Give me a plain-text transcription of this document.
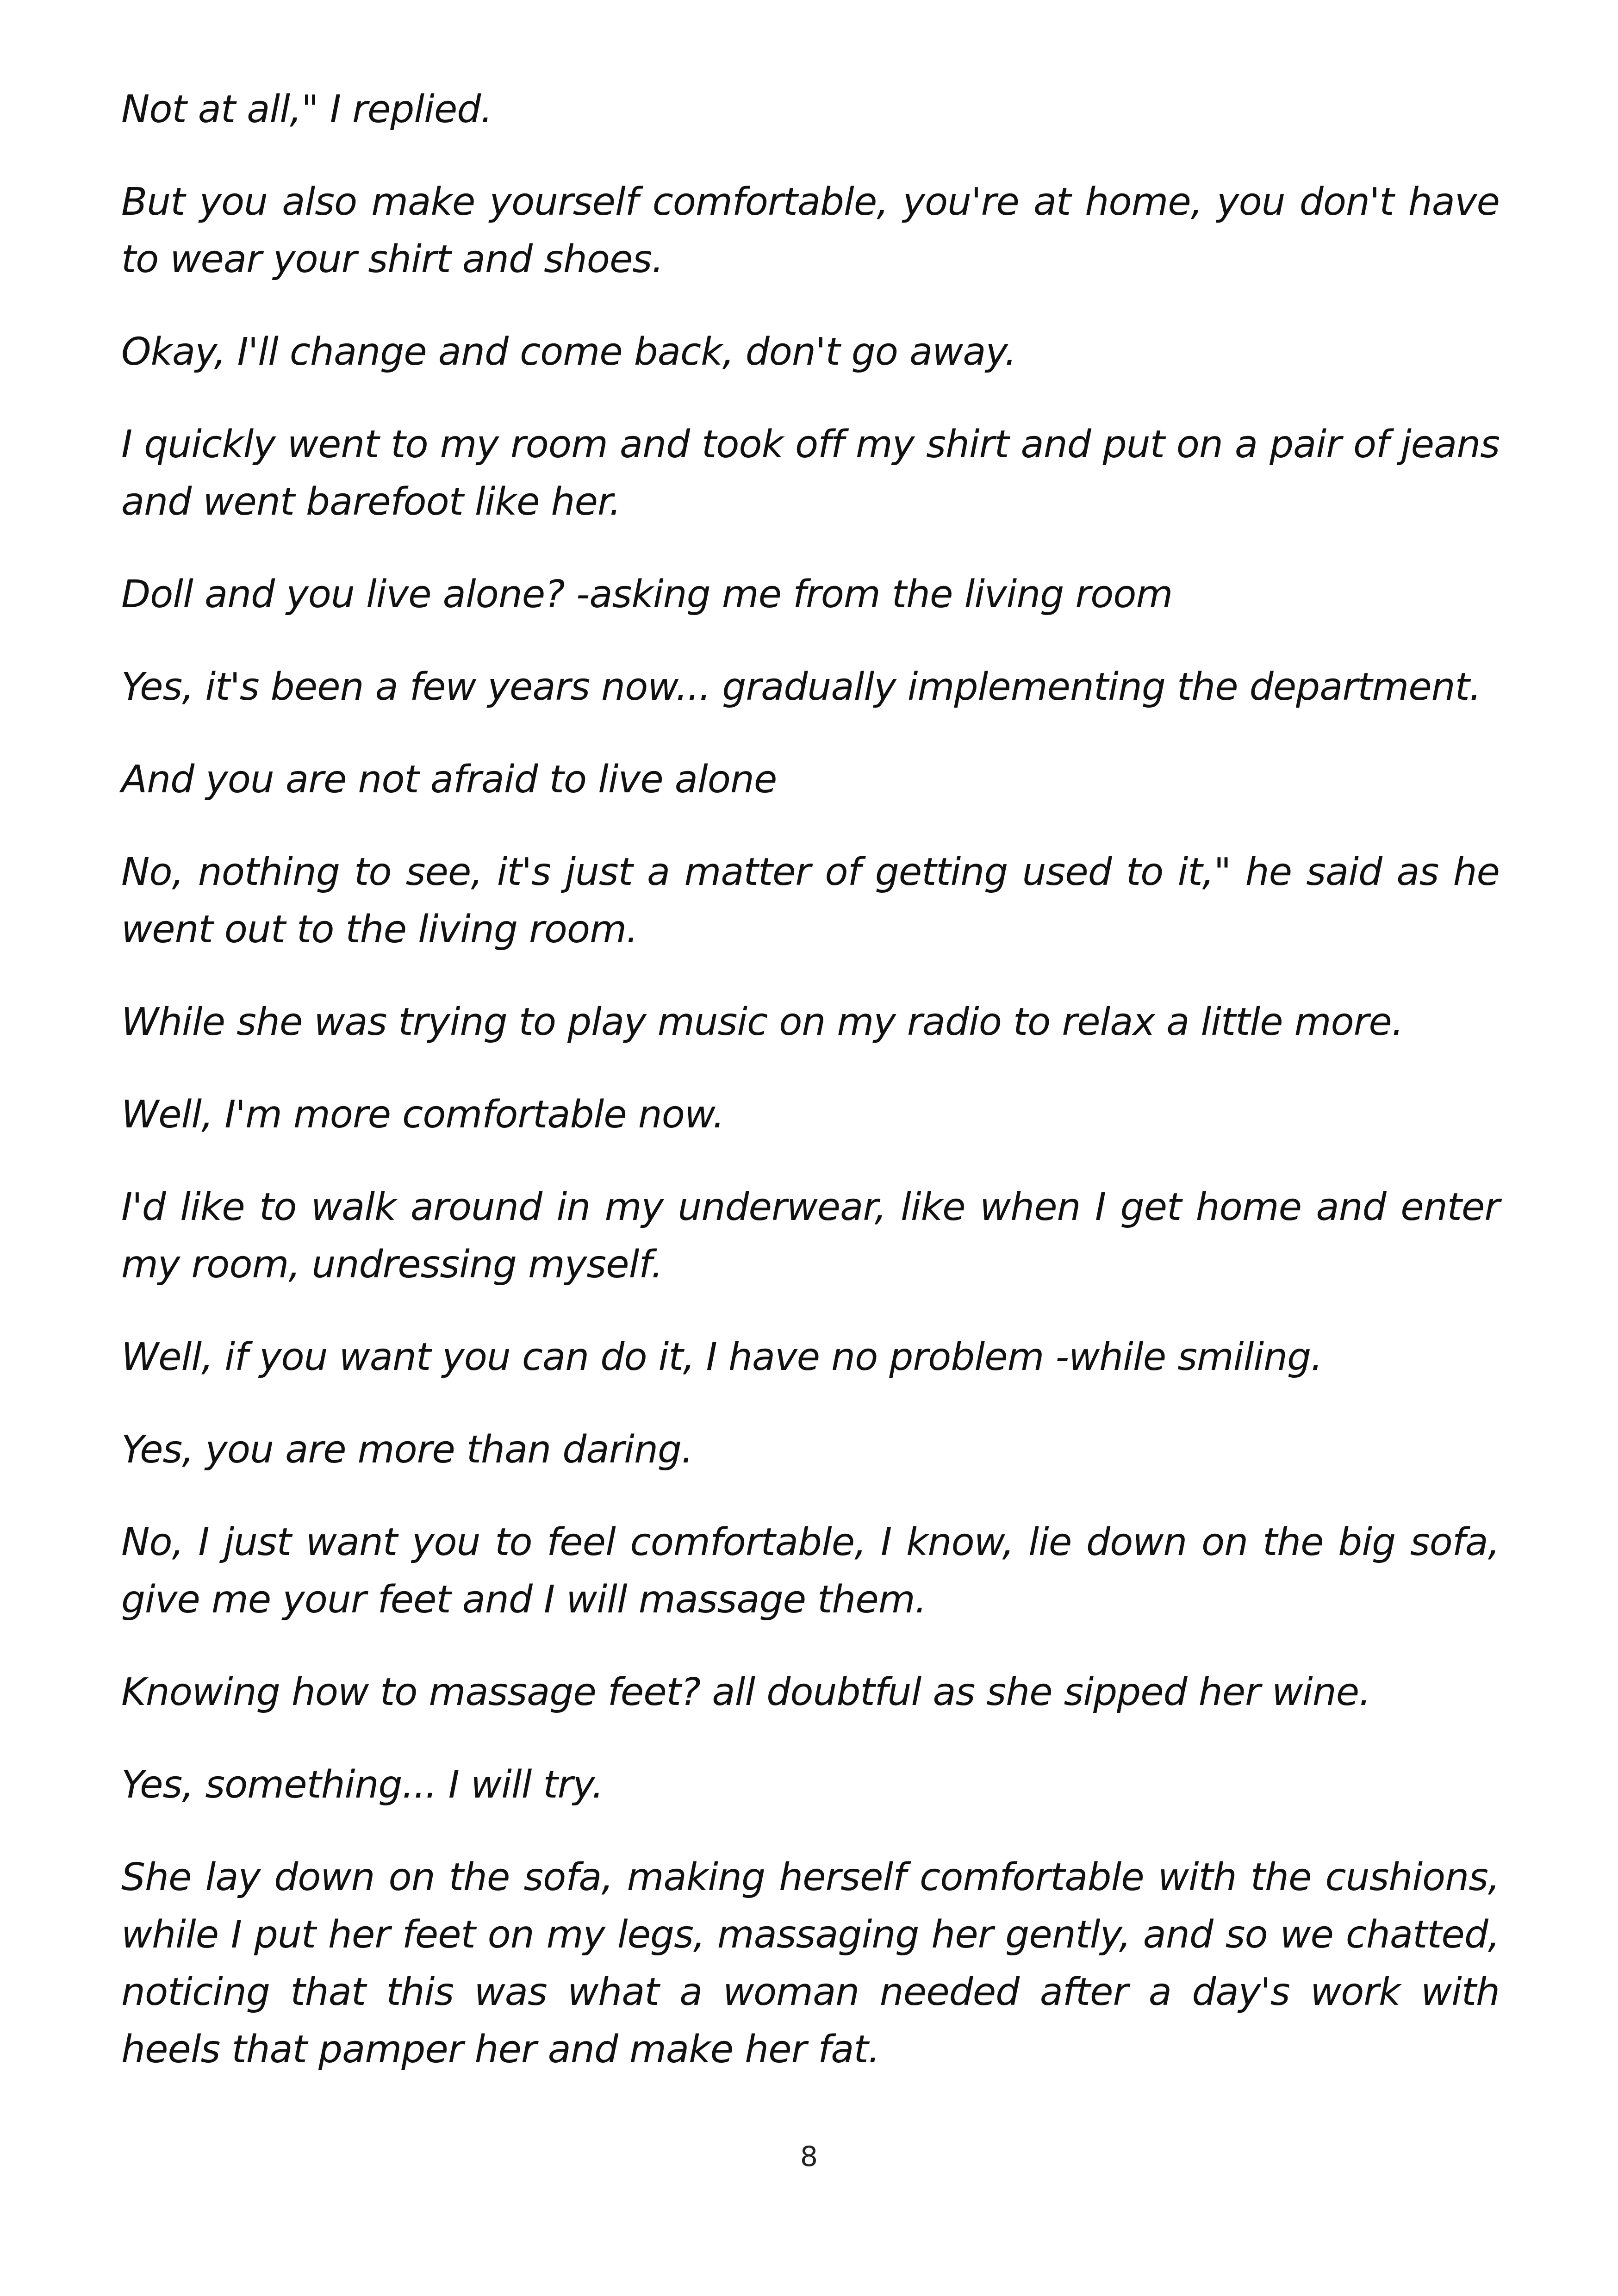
Not at all," I replied.

But you also make yourself comfortable, you're at home, you don't have to wear your shirt and shoes.

Okay, I'll change and come back, don't go away.

I quickly went to my room and took off my shirt and put on a pair of jeans and went barefoot like her.

Doll and you live alone? -asking me from the living room

Yes, it's been a few years now... gradually implementing the department.

And you are not afraid to live alone

No, nothing to see, it's just a matter of getting used to it," he said as he went out to the living room.

While she was trying to play music on my radio to relax a little more.

Well, I'm more comfortable now.

I'd like to walk around in my underwear, like when I get home and enter my room, undressing myself.

Well, if you want you can do it, I have no problem -while smiling.

Yes, you are more than daring.

No, I just want you to feel comfortable, I know, lie down on the big sofa, give me your feet and I will massage them.

Knowing how to massage feet? all doubtful as she sipped her wine.

Yes, something... I will try.

She lay down on the sofa, making herself comfortable with the cushions, while I put her feet on my legs, massaging her gently, and so we chatted, noticing that this was what a woman needed after a day's work with heels that pamper her and make her fat.

8
